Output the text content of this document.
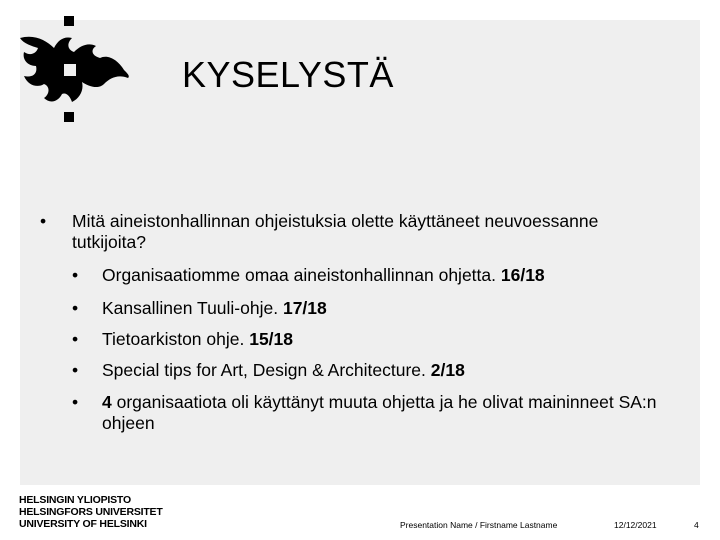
KYSELYSTÄ
• Mitä aineistonhallinnan ohjeistuksia olette käyttäneet neuvoessanne tutkijoita?
• Organisaatiomme omaa aineistonhallinnan ohjetta. 16/18
• Kansallinen Tuuli-ohje. 17/18
• Tietoarkiston ohje. 15/18
• Special tips for Art, Design & Architecture. 2/18
• 4 organisaatiota oli käyttänyt muuta ohjetta ja he olivat maininneet SA:n ohjeen
HELSINGIN YLIOPISTO
HELSINGFORS UNIVERSITET
UNIVERSITY OF HELSINKI	Presentation Name / Firstname Lastname	12/12/2021	4
